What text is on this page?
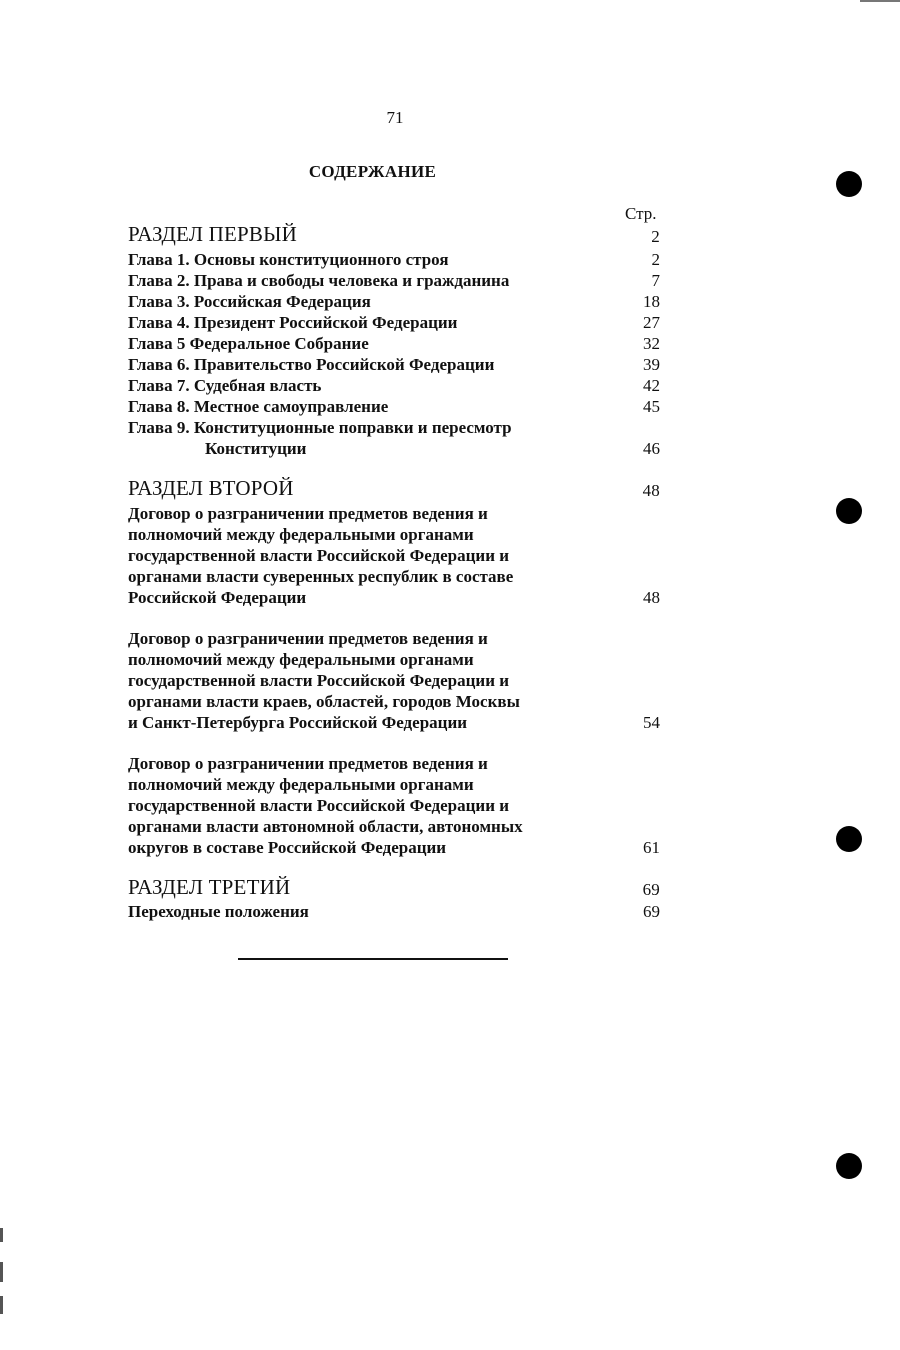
71
СОДЕРЖАНИЕ
Стр.
РАЗДЕЛ ПЕРВЫЙ	2
Глава 1. Основы конституционного строя	2
Глава 2. Права и свободы человека и гражданина	7
Глава 3. Российская Федерация	18
Глава 4. Президент Российской Федерации	27
Глава 5 Федеральное Собрание	32
Глава 6. Правительство Российской Федерации	39
Глава 7. Судебная власть	42
Глава 8. Местное самоуправление	45
Глава 9. Конституционные поправки и пересмотр
Конституции	46
РАЗДЕЛ ВТОРОЙ	48
Договор о разграничении предметов ведения и
полномочий между федеральными органами
государственной власти Российской Федерации и
органами власти суверенных республик в составе
Российской Федерации	48
Договор о разграничении предметов ведения и
полномочий между федеральными органами
государственной власти Российской Федерации и
органами власти краев, областей, городов Москвы
и Санкт-Петербурга Российской Федерации	54
Договор о разграничении предметов ведения и
полномочий между федеральными органами
государственной власти Российской Федерации и
органами власти автономной области, автономных
округов в составе Российской Федерации	61
РАЗДЕЛ ТРЕТИЙ	69
Переходные положения	69
